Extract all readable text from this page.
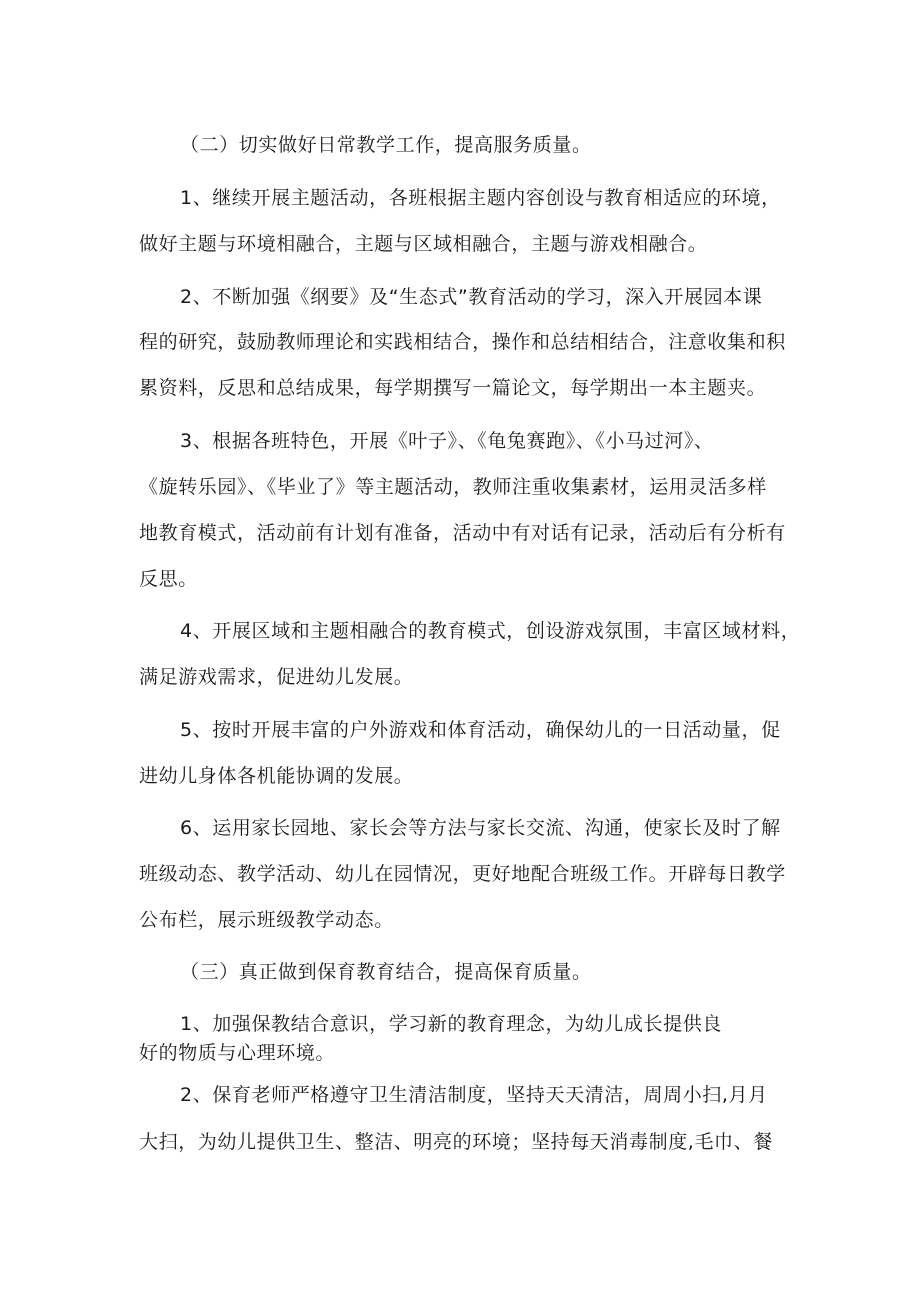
（二）切实做好日常教学工作，提高服务质量。
1、继续开展主题活动，各班根据主题内容创设与教育相适应的环境，
做好主题与环境相融合，主题与区域相融合，主题与游戏相融合。
2、不断加强《纲要》及“生态式”教育活动的学习，深入开展园本课
程的研究，鼓励教师理论和实践相结合，操作和总结相结合，注意收集和积
累资料，反思和总结成果，每学期撰写一篇论文，每学期出一本主题夹。
3、根据各班特色，开展《叶子》、《龟兔赛跑》、《小马过河》、
《旋转乐园》、《毕业了》等主题活动，教师注重收集素材，运用灵活多样
地教育模式，活动前有计划有准备，活动中有对话有记录，活动后有分析有
反思。
4、开展区域和主题相融合的教育模式，创设游戏氛围，丰富区域材料，
满足游戏需求，促进幼儿发展。
5、按时开展丰富的户外游戏和体育活动，确保幼儿的一日活动量，促
进幼儿身体各机能协调的发展。
6、运用家长园地、家长会等方法与家长交流、沟通，使家长及时了解
班级动态、教学活动、幼儿在园情况，更好地配合班级工作。开辟每日教学
公布栏，展示班级教学动态。
（三）真正做到保育教育结合，提高保育质量。
1、加强保教结合意识，学习新的教育理念，为幼儿成长提供良
好的物质与心理环境。
2、保育老师严格遵守卫生清洁制度，坚持天天清洁，周周小扫,月月
大扫，为幼儿提供卫生、整洁、明亮的环境；坚持每天消毒制度,毛巾、餐
